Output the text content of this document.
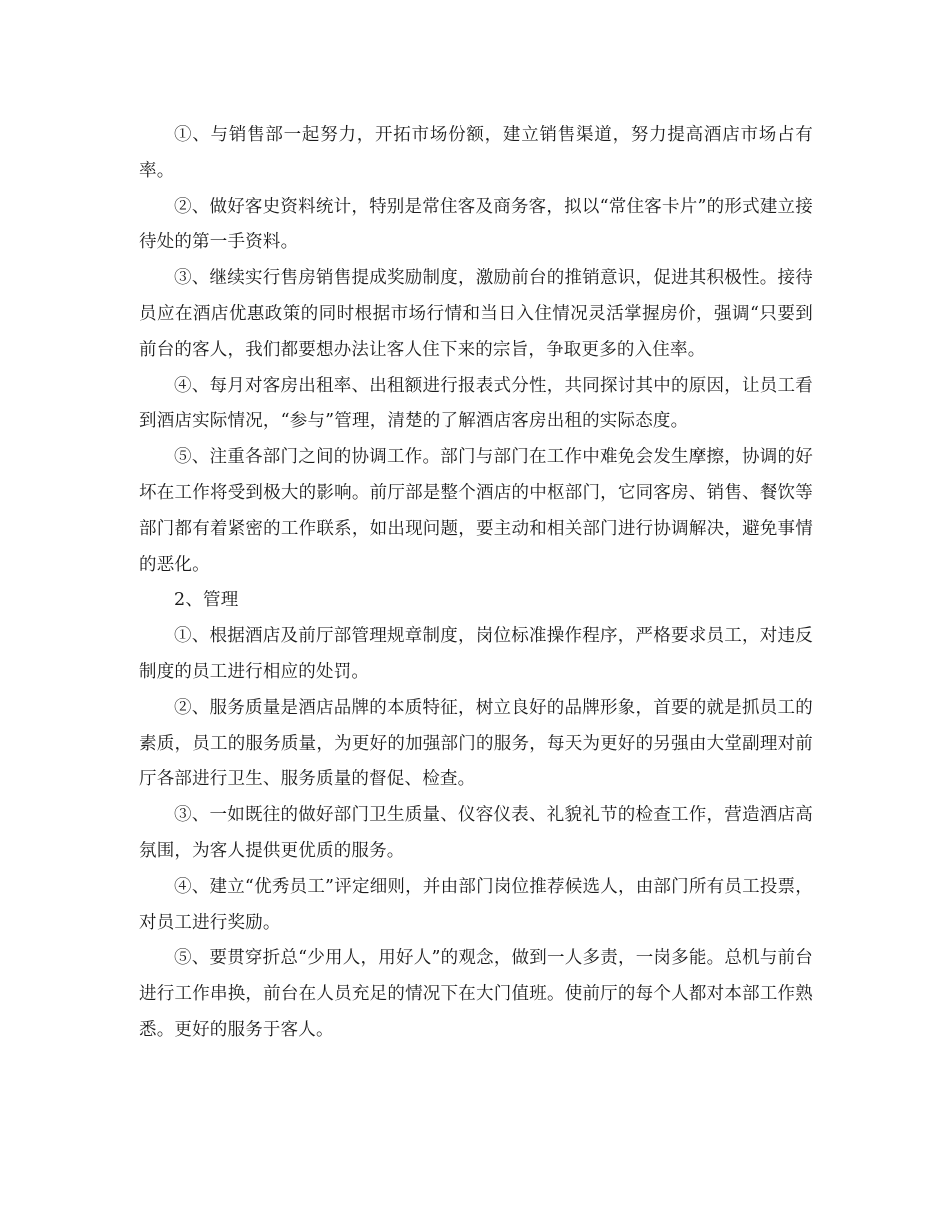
①、与销售部一起努力，开拓市场份额，建立销售渠道，努力提高酒店市场占有率。

②、做好客史资料统计，特别是常住客及商务客，拟以“常住客卡片”的形式建立接待处的第一手资料。

③、继续实行售房销售提成奖励制度，激励前台的推销意识，促进其积极性。接待员应在酒店优惠政策的同时根据市场行情和当日入住情况灵活掌握房价，强调“只要到前台的客人，我们都要想办法让客人住下来的宗旨，争取更多的入住率。

④、每月对客房出租率、出租额进行报表式分性，共同探讨其中的原因，让员工看到酒店实际情况，“参与”管理，清楚的了解酒店客房出租的实际态度。

⑤、注重各部门之间的协调工作。部门与部门在工作中难免会发生摩擦，协调的好坏在工作将受到极大的影响。前厅部是整个酒店的中枢部门，它同客房、销售、餐饮等部门都有着紧密的工作联系，如出现问题，要主动和相关部门进行协调解决，避免事情的恶化。

2、管理

①、根据酒店及前厅部管理规章制度，岗位标准操作程序，严格要求员工，对违反制度的员工进行相应的处罚。

②、服务质量是酒店品牌的本质特征，树立良好的品牌形象，首要的就是抓员工的素质，员工的服务质量，为更好的加强部门的服务，每天为更好的另强由大堂副理对前厅各部进行卫生、服务质量的督促、检查。

③、一如既往的做好部门卫生质量、仪容仪表、礼貌礼节的检查工作，营造酒店高氛围，为客人提供更优质的服务。

④、建立“优秀员工”评定细则，并由部门岗位推荐候选人，由部门所有员工投票，对员工进行奖励。

⑤、要贯穿折总“少用人，用好人”的观念，做到一人多责，一岗多能。总机与前台进行工作串换，前台在人员充足的情况下在大门值班。使前厅的每个人都对本部工作熟悉。更好的服务于客人。
